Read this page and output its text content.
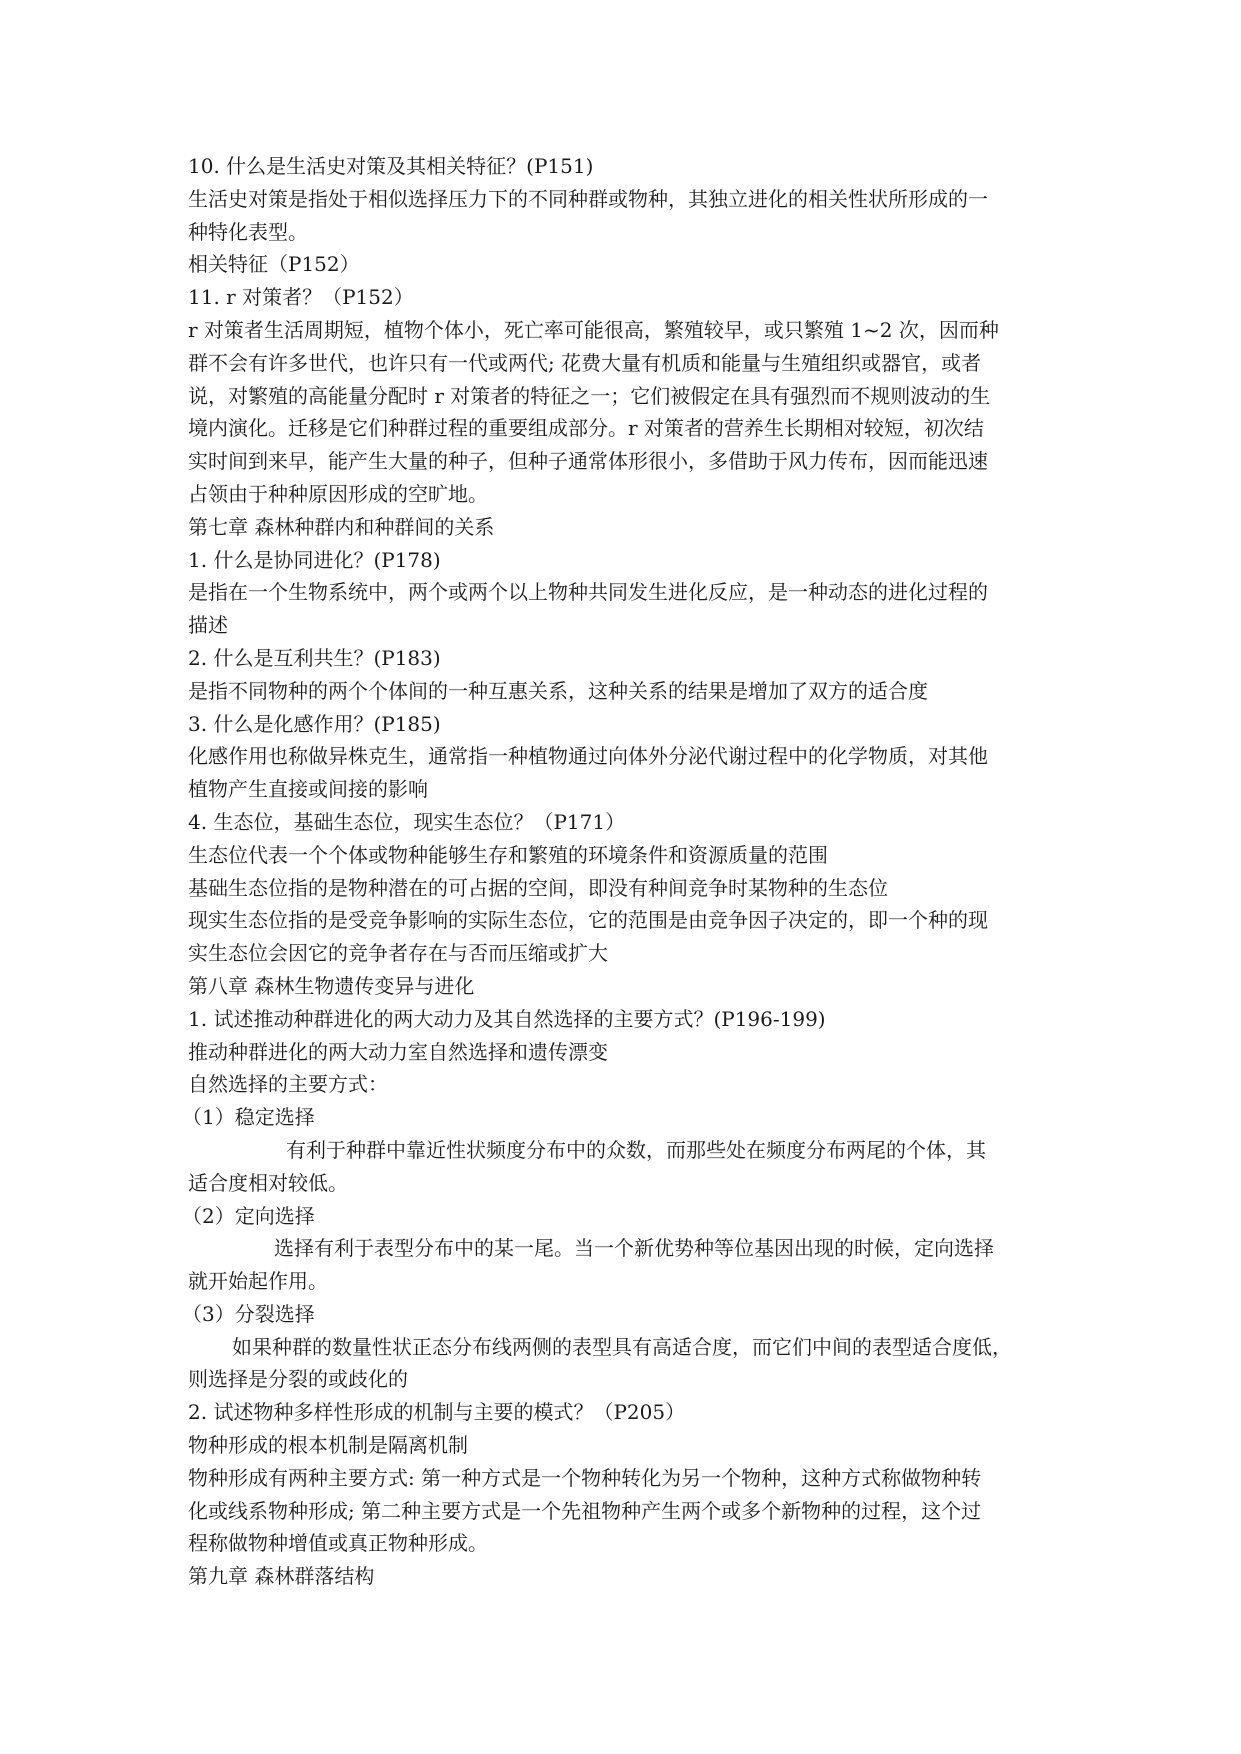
10. 什么是生活史对策及其相关特征？(P151)
生活史对策是指处于相似选择压力下的不同种群或物种，其独立进化的相关性状所形成的一
种特化表型。
相关特征（P152）
11. r 对策者？（P152）
r 对策者生活周期短，植物个体小，死亡率可能很高，繁殖较早，或只繁殖 1~2 次，因而种
群不会有许多世代，也许只有一代或两代; 花费大量有机质和能量与生殖组织或器官，或者
说，对繁殖的高能量分配时 r 对策者的特征之一；它们被假定在具有强烈而不规则波动的生
境内演化。迁移是它们种群过程的重要组成部分。r 对策者的营养生长期相对较短，初次结
实时间到来早，能产生大量的种子，但种子通常体形很小，多借助于风力传布，因而能迅速
占领由于种种原因形成的空旷地。
第七章 森林种群内和种群间的关系
1. 什么是协同进化？(P178)
是指在一个生物系统中，两个或两个以上物种共同发生进化反应，是一种动态的进化过程的
描述
2. 什么是互利共生？(P183)
是指不同物种的两个个体间的一种互惠关系，这种关系的结果是增加了双方的适合度
3. 什么是化感作用？(P185)
化感作用也称做异株克生，通常指一种植物通过向体外分泌代谢过程中的化学物质，对其他
植物产生直接或间接的影响
4. 生态位，基础生态位，现实生态位？（P171）
生态位代表一个个体或物种能够生存和繁殖的环境条件和资源质量的范围
基础生态位指的是物种潜在的可占据的空间，即没有种间竞争时某物种的生态位
现实生态位指的是受竞争影响的实际生态位，它的范围是由竞争因子决定的，即一个种的现
实生态位会因它的竞争者存在与否而压缩或扩大
第八章 森林生物遗传变异与进化
1. 试述推动种群进化的两大动力及其自然选择的主要方式？(P196-199)
推动种群进化的两大动力室自然选择和遗传漂变
自然选择的主要方式：
（1）稳定选择
有利于种群中靠近性状频度分布中的众数，而那些处在频度分布两尾的个体，其
适合度相对较低。
（2）定向选择
选择有利于表型分布中的某一尾。当一个新优势种等位基因出现的时候，定向选择
就开始起作用。
（3）分裂选择
如果种群的数量性状正态分布线两侧的表型具有高适合度，而它们中间的表型适合度低，
则选择是分裂的或歧化的
2. 试述物种多样性形成的机制与主要的模式？（P205）
物种形成的根本机制是隔离机制
物种形成有两种主要方式: 第一种方式是一个物种转化为另一个物种，这种方式称做物种转
化或线系物种形成; 第二种主要方式是一个先祖物种产生两个或多个新物种的过程，这个过
程称做物种增值或真正物种形成。
第九章 森林群落结构
